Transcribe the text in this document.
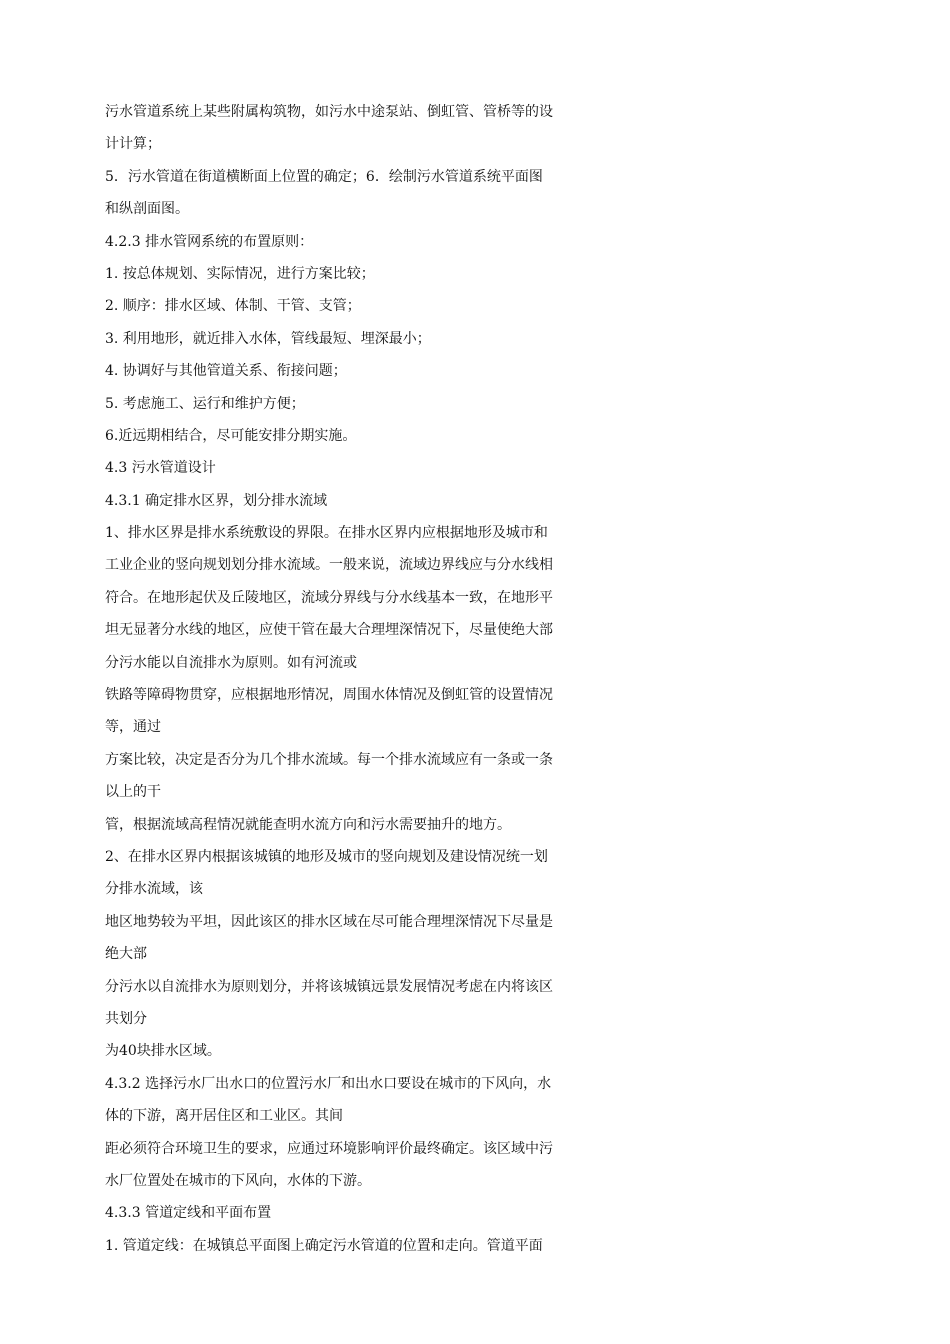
污水管道系统上某些附属构筑物，如污水中途泵站、倒虹管、管桥等的设
计计算；
5．污水管道在街道横断面上位置的确定；6．绘制污水管道系统平面图
和纵剖面图。
4.2.3 排水管网系统的布置原则：
1. 按总体规划、实际情况，进行方案比较；
2. 顺序：排水区域、体制、干管、支管；
3. 利用地形，就近排入水体，管线最短、埋深最小；
4. 协调好与其他管道关系、衔接问题；
5. 考虑施工、运行和维护方便；
6.近远期相结合，尽可能安排分期实施。
4.3 污水管道设计
4.3.1 确定排水区界，划分排水流域
1、排水区界是排水系统敷设的界限。在排水区界内应根据地形及城市和
工业企业的竖向规划划分排水流域。一般来说，流域边界线应与分水线相
符合。在地形起伏及丘陵地区，流域分界线与分水线基本一致，在地形平
坦无显著分水线的地区，应使干管在最大合理埋深情况下，尽量使绝大部
分污水能以自流排水为原则。如有河流或
铁路等障碍物贯穿，应根据地形情况，周围水体情况及倒虹管的设置情况
等，通过
方案比较，决定是否分为几个排水流域。每一个排水流域应有一条或一条
以上的干
管，根据流域高程情况就能查明水流方向和污水需要抽升的地方。
2、在排水区界内根据该城镇的地形及城市的竖向规划及建设情况统一划
分排水流域，该
地区地势较为平坦，因此该区的排水区域在尽可能合理埋深情况下尽量是
绝大部
分污水以自流排水为原则划分，并将该城镇远景发展情况考虑在内将该区
共划分
为40块排水区域。
4.3.2 选择污水厂出水口的位置污水厂和出水口要设在城市的下风向，水
体的下游，离开居住区和工业区。其间
距必须符合环境卫生的要求，应通过环境影响评价最终确定。该区域中污
水厂位置处在城市的下风向，水体的下游。
4.3.3 管道定线和平面布置
1. 管道定线：在城镇总平面图上确定污水管道的位置和走向。管道平面
